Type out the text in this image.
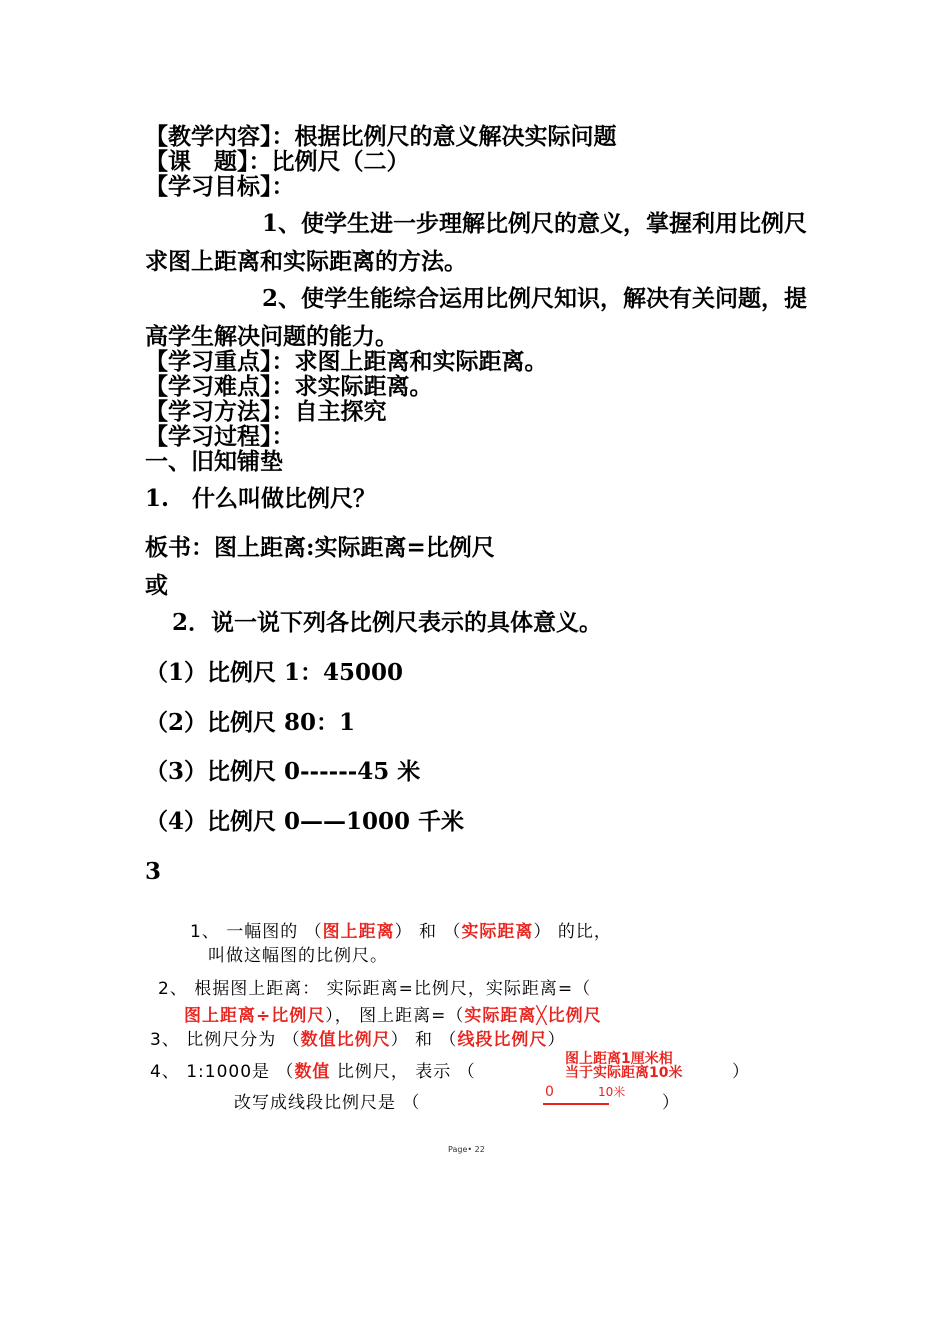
【教学内容】：根据比例尺的意义解决实际问题
【课　题】：比例尺（二）
【学习目标】：
1、使学生进一步理解比例尺的意义，掌握利用比例尺
求图上距离和实际距离的方法。
2、使学生能综合运用比例尺知识，解决有关问题，提
高学生解决问题的能力。
【学习重点】：求图上距离和实际距离。
【学习难点】：求实际距离。
【学习方法】：自主探究
【学习过程】：
一、旧知铺垫
1.　什么叫做比例尺？
板书：图上距离:实际距离=比例尺
或
2．说一说下列各比例尺表示的具体意义。
（1）比例尺 1：45000
（2）比例尺 80：1
（3）比例尺 0------45 米
（4）比例尺 0——1000 千米
3
1、 一幅图的 （图上距离） 和 （实际距离） 的比，
叫做这幅图的比例尺。
2、 根据图上距离： 实际距离=比例尺，实际距离=（
图上距离÷比例尺）， 图上距离=（实际距离╳比例尺
3、 比例尺分为 （数值比例尺） 和 （线段比例尺）
4、 1:1000是 （数值 比例尺， 表示 （
图上距离1厘米相
当于实际距离10米	）
改写成线段比例尺是 （
0	10米
）
Page• 22
